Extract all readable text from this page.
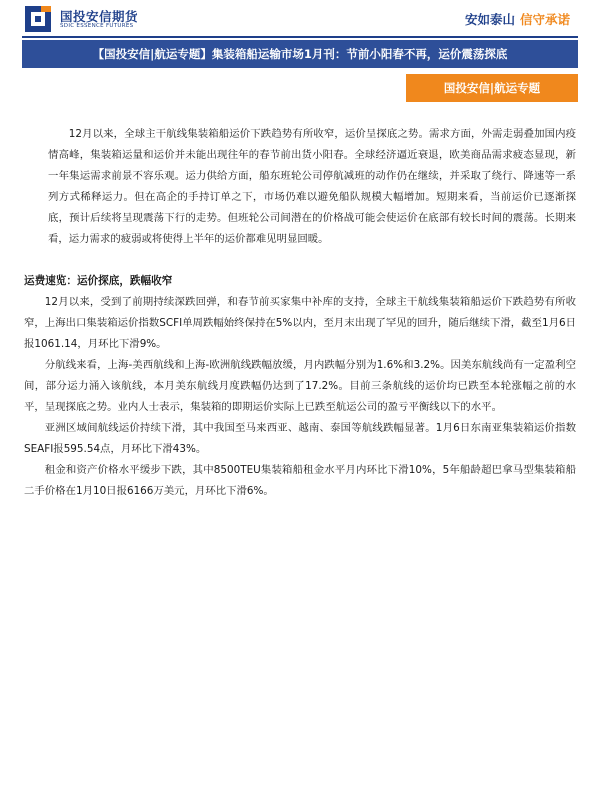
国投安信期货
SDIC ESSENCE FUTURES	安如泰山 信守承诺
【国投安信|航运专题】集装箱船运输市场1月刊：节前小阳春不再，运价震荡探底
国投安信|航运专题

12月以来，全球主干航线集装箱船运价下跌趋势有所收窄，运价呈探底之势。需求方面，外需走弱叠加国内疫情高峰，集装箱运量和运价并未能出现往年的春节前出货小阳春。全球经济逼近衰退，欧美商品需求疲态显现，新一年集运需求前景不容乐观。运力供给方面，船东班轮公司停航减班的动作仍在继续，并采取了绕行、降速等一系列方式稀释运力。但在高企的手持订单之下，市场仍难以避免船队规模大幅增加。短期来看，当前运价已逐渐探底，预计后续将呈现震荡下行的走势。但班轮公司间潜在的价格战可能会使运价在底部有较长时间的震荡。长期来看，运力需求的疲弱或将使得上半年的运价都难见明显回暖。

运费速览：运价探底，跌幅收窄

12月以来，受到了前期持续深跌回弹，和春节前买家集中补库的支持，全球主干航线集装箱船运价下跌趋势有所收窄，上海出口集装箱运价指数SCFI单周跌幅始终保持在5%以内，至月末出现了罕见的回升，随后继续下滑，截至1月6日报1061.14，月环比下滑9%。

分航线来看，上海-美西航线和上海-欧洲航线跌幅放缓，月内跌幅分别为1.6%和3.2%。因美东航线尚有一定盈利空间，部分运力涌入该航线，本月美东航线月度跌幅仍达到了17.2%。目前三条航线的运价均已跌至本轮涨幅之前的水平，呈现探底之势。业内人士表示，集装箱的即期运价实际上已跌至航运公司的盈亏平衡线以下的水平。

亚洲区域间航线运价持续下滑，其中我国至马来西亚、越南、泰国等航线跌幅显著。1月6日东南亚集装箱运价指数SEAFI报595.54点，月环比下滑43%。

租金和资产价格水平缓步下跌，其中8500TEU集装箱船租金水平月内环比下滑10%，5年船龄超巴拿马型集装箱船二手价格在1月10日报6166万美元，月环比下滑6%。
